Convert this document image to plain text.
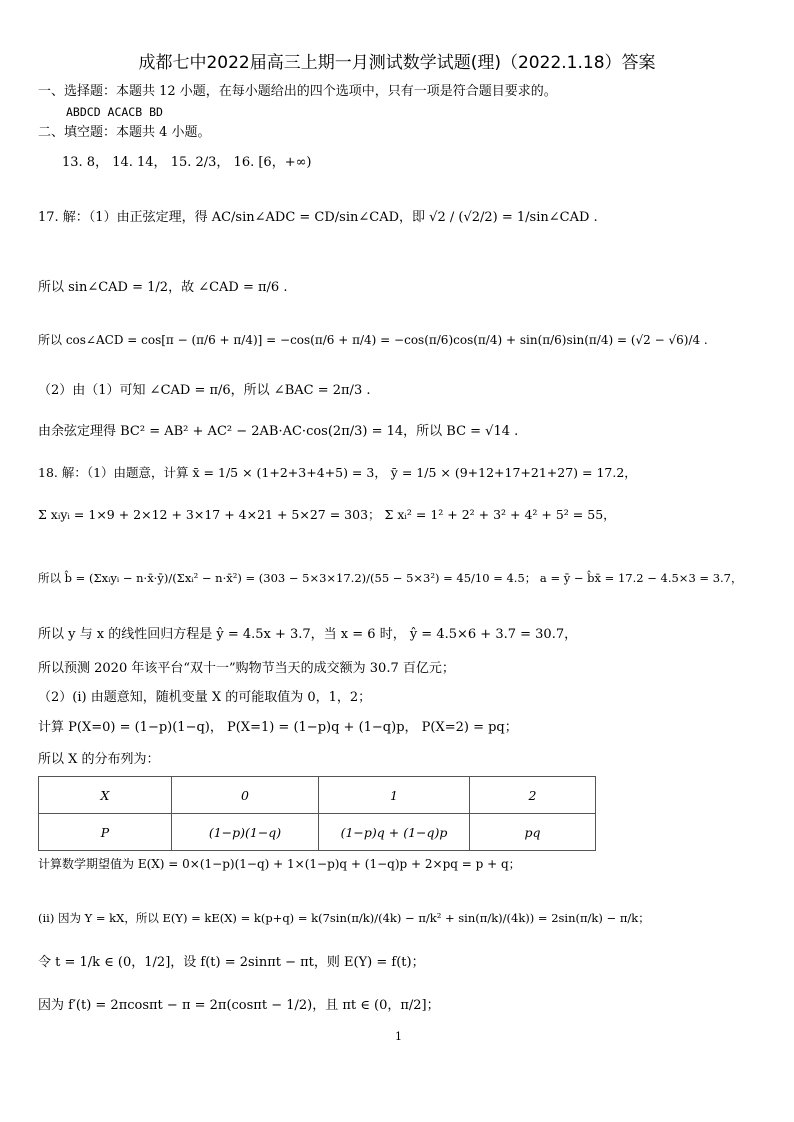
成都七中2022届高三上期一月测试数学试题(理)（2022.1.18）答案
一、选择题：本题共 12 小题，在每小题给出的四个选项中，只有一项是符合题目要求的。
ABDCD ACACB BD
二、填空题：本题共 4 小题。
13. 8， 14. 14， 15. 2/3， 16. [6，+∞)
17. 解：（1）由正弦定理，得 AC/sin∠ADC = CD/sin∠CAD，即 √2 / (√2/2) = 1/sin∠CAD .
所以 sin∠CAD = 1/2，故 ∠CAD = π/6 .
所以 cos∠ACD = cos[π − (π/6 + π/4)] = −cos(π/6 + π/4) = −cos(π/6)cos(π/4) + sin(π/6)sin(π/4) = (√2 − √6)/4 .
（2）由（1）可知 ∠CAD = π/6，所以 ∠BAC = 2π/3 .
由余弦定理得 BC² = AB² + AC² − 2AB·AC·cos(2π/3) = 14，所以 BC = √14 .
18. 解：（1）由题意，计算 x̄ = 1/5 × (1+2+3+4+5) = 3， ȳ = 1/5 × (9+12+17+21+27) = 17.2，
Σ xᵢyᵢ = 1×9 + 2×12 + 3×17 + 4×21 + 5×27 = 303； Σ xᵢ² = 1² + 2² + 3² + 4² + 5² = 55，
所以 b̂ = (Σxᵢyᵢ − n·x̄·ȳ)/(Σxᵢ² − n·x̄²) = (303 − 5×3×17.2)/(55 − 5×3²) = 45/10 = 4.5； a = ȳ − b̂x̄ = 17.2 − 4.5×3 = 3.7，
所以 y 与 x 的线性回归方程是 ŷ = 4.5x + 3.7，当 x = 6 时， ŷ = 4.5×6 + 3.7 = 30.7，
所以预测 2020 年该平台“双十一”购物节当天的成交额为 30.7 百亿元；
（2）(i) 由题意知，随机变量 X 的可能取值为 0，1，2；
计算 P(X=0) = (1−p)(1−q)， P(X=1) = (1−p)q + (1−q)p， P(X=2) = pq；
所以 X 的分布列为：
X	0	1	2
P	(1−p)(1−q)	(1−p)q + (1−q)p	pq
计算数学期望值为 E(X) = 0×(1−p)(1−q) + 1×(1−p)q + (1−q)p + 2×pq = p + q；
(ii) 因为 Y = kX，所以 E(Y) = kE(X) = k(p+q) = k(7sin(π/k)/(4k) − π/k² + sin(π/k)/(4k)) = 2sin(π/k) − π/k；
令 t = 1/k ∈ (0，1/2]，设 f(t) = 2sinπt − πt，则 E(Y) = f(t)；
因为 f′(t) = 2πcosπt − π = 2π(cosπt − 1/2)，且 πt ∈ (0，π/2]；
1
